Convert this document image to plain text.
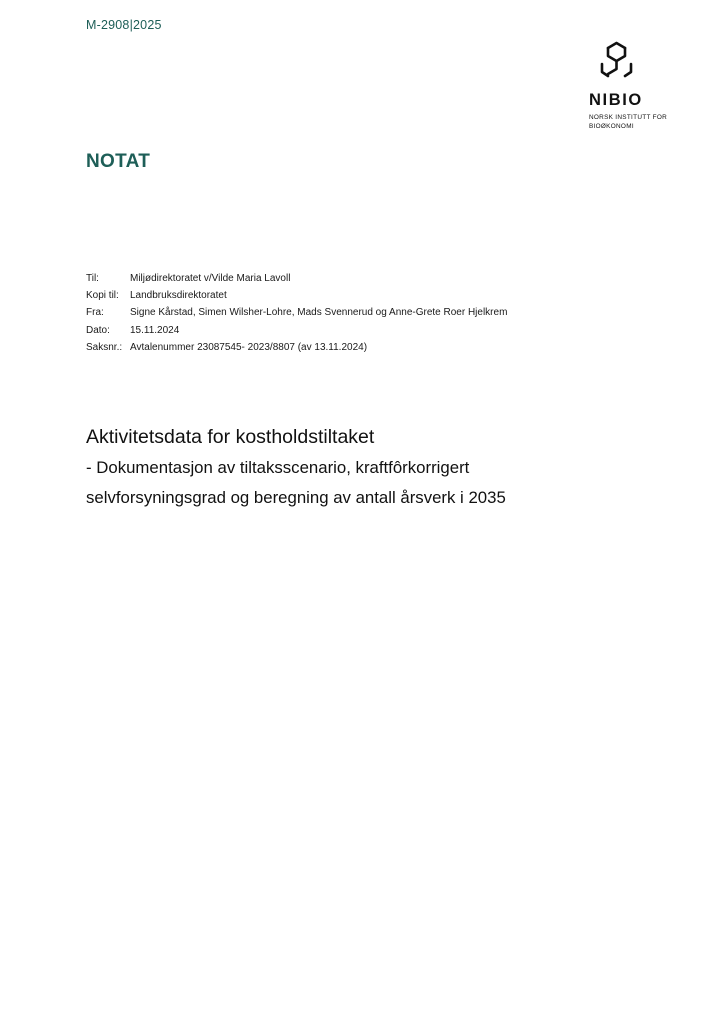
M-2908|2025
NIBIO
NORSK INSTITUTT FOR
BIOØKONOMI
NOTAT
Til:	Miljødirektoratet v/Vilde Maria Lavoll
Kopi til:	Landbruksdirektoratet
Fra:	Signe Kårstad, Simen Wilsher-Lohre, Mads Svennerud og Anne-Grete Roer Hjelkrem
Dato:	15.11.2024
Saksnr.: Avtalenummer 23087545- 2023/8807 (av 13.11.2024)
Aktivitetsdata for kostholdstiltaket

- Dokumentasjon av tiltaksscenario, kraftfôrkorrigert selvforsyningsgrad og beregning av antall årsverk i 2035
